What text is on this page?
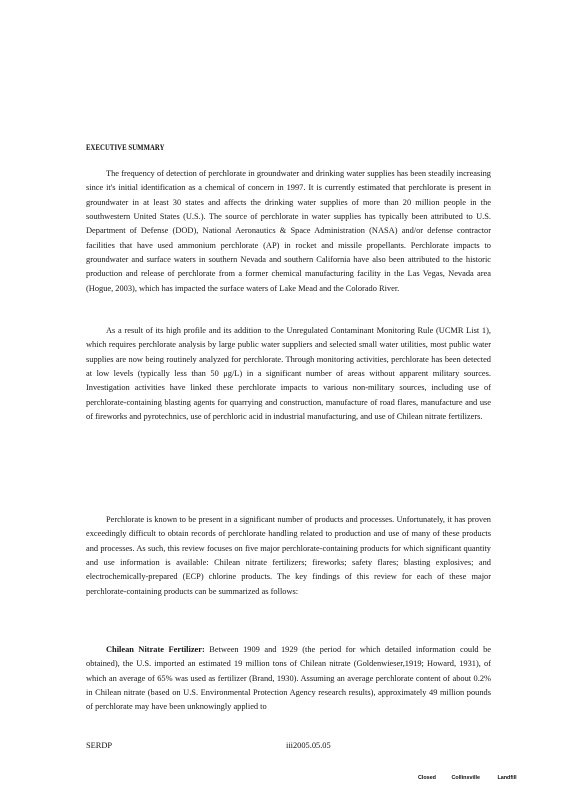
EXECUTIVE SUMMARY

The frequency of detection of perchlorate in groundwater and drinking water supplies has been steadily increasing since it's initial identification as a chemical of concern in 1997. It is currently estimated that perchlorate is present in groundwater in at least 30 states and affects the drinking water supplies of more than 20 million people in the southwestern United States (U.S.). The source of perchlorate in water supplies has typically been attributed to U.S. Department of Defense (DOD), National Aeronautics & Space Administration (NASA) and/or defense contractor facilities that have used ammonium perchlorate (AP) in rocket and missile propellants. Perchlorate impacts to groundwater and surface waters in southern Nevada and southern California have also been attributed to the historic production and release of perchlorate from a former chemical manufacturing facility in the Las Vegas, Nevada area (Hogue, 2003), which has impacted the surface waters of Lake Mead and the Colorado River.

As a result of its high profile and its addition to the Unregulated Contaminant Monitoring Rule (UCMR List 1), which requires perchlorate analysis by large public water suppliers and selected small water utilities, most public water supplies are now being routinely analyzed for perchlorate. Through monitoring activities, perchlorate has been detected at low levels (typically less than 50 μg/L) in a significant number of areas without apparent military sources. Investigation activities have linked these perchlorate impacts to various non-military sources, including use of perchlorate-containing blasting agents for quarrying and construction, manufacture of road flares, manufacture and use of fireworks and pyrotechnics, use of perchloric acid in industrial manufacturing, and use of Chilean nitrate fertilizers.

Perchlorate is known to be present in a significant number of products and processes. Unfortunately, it has proven exceedingly difficult to obtain records of perchlorate handling related to production and use of many of these products and processes. As such, this review focuses on five major perchlorate-containing products for which significant quantity and use information is available: Chilean nitrate fertilizers; fireworks; safety flares; blasting explosives; and electrochemically-prepared (ECP) chlorine products. The key findings of this review for each of these major perchlorate-containing products can be summarized as follows:

Chilean Nitrate Fertilizer: Between 1909 and 1929 (the period for which detailed information could be obtained), the U.S. imported an estimated 19 million tons of Chilean nitrate (Goldenwieser,1919; Howard, 1931), of which an average of 65% was used as fertilizer (Brand, 1930). Assuming an average perchlorate content of about 0.2% in Chilean nitrate (based on U.S. Environmental Protection Agency research results), approximately 49 million pounds of perchlorate may have been unknowingly applied to

SERDP	iii2005.05.05
Closed	Collinsville	Landfill
